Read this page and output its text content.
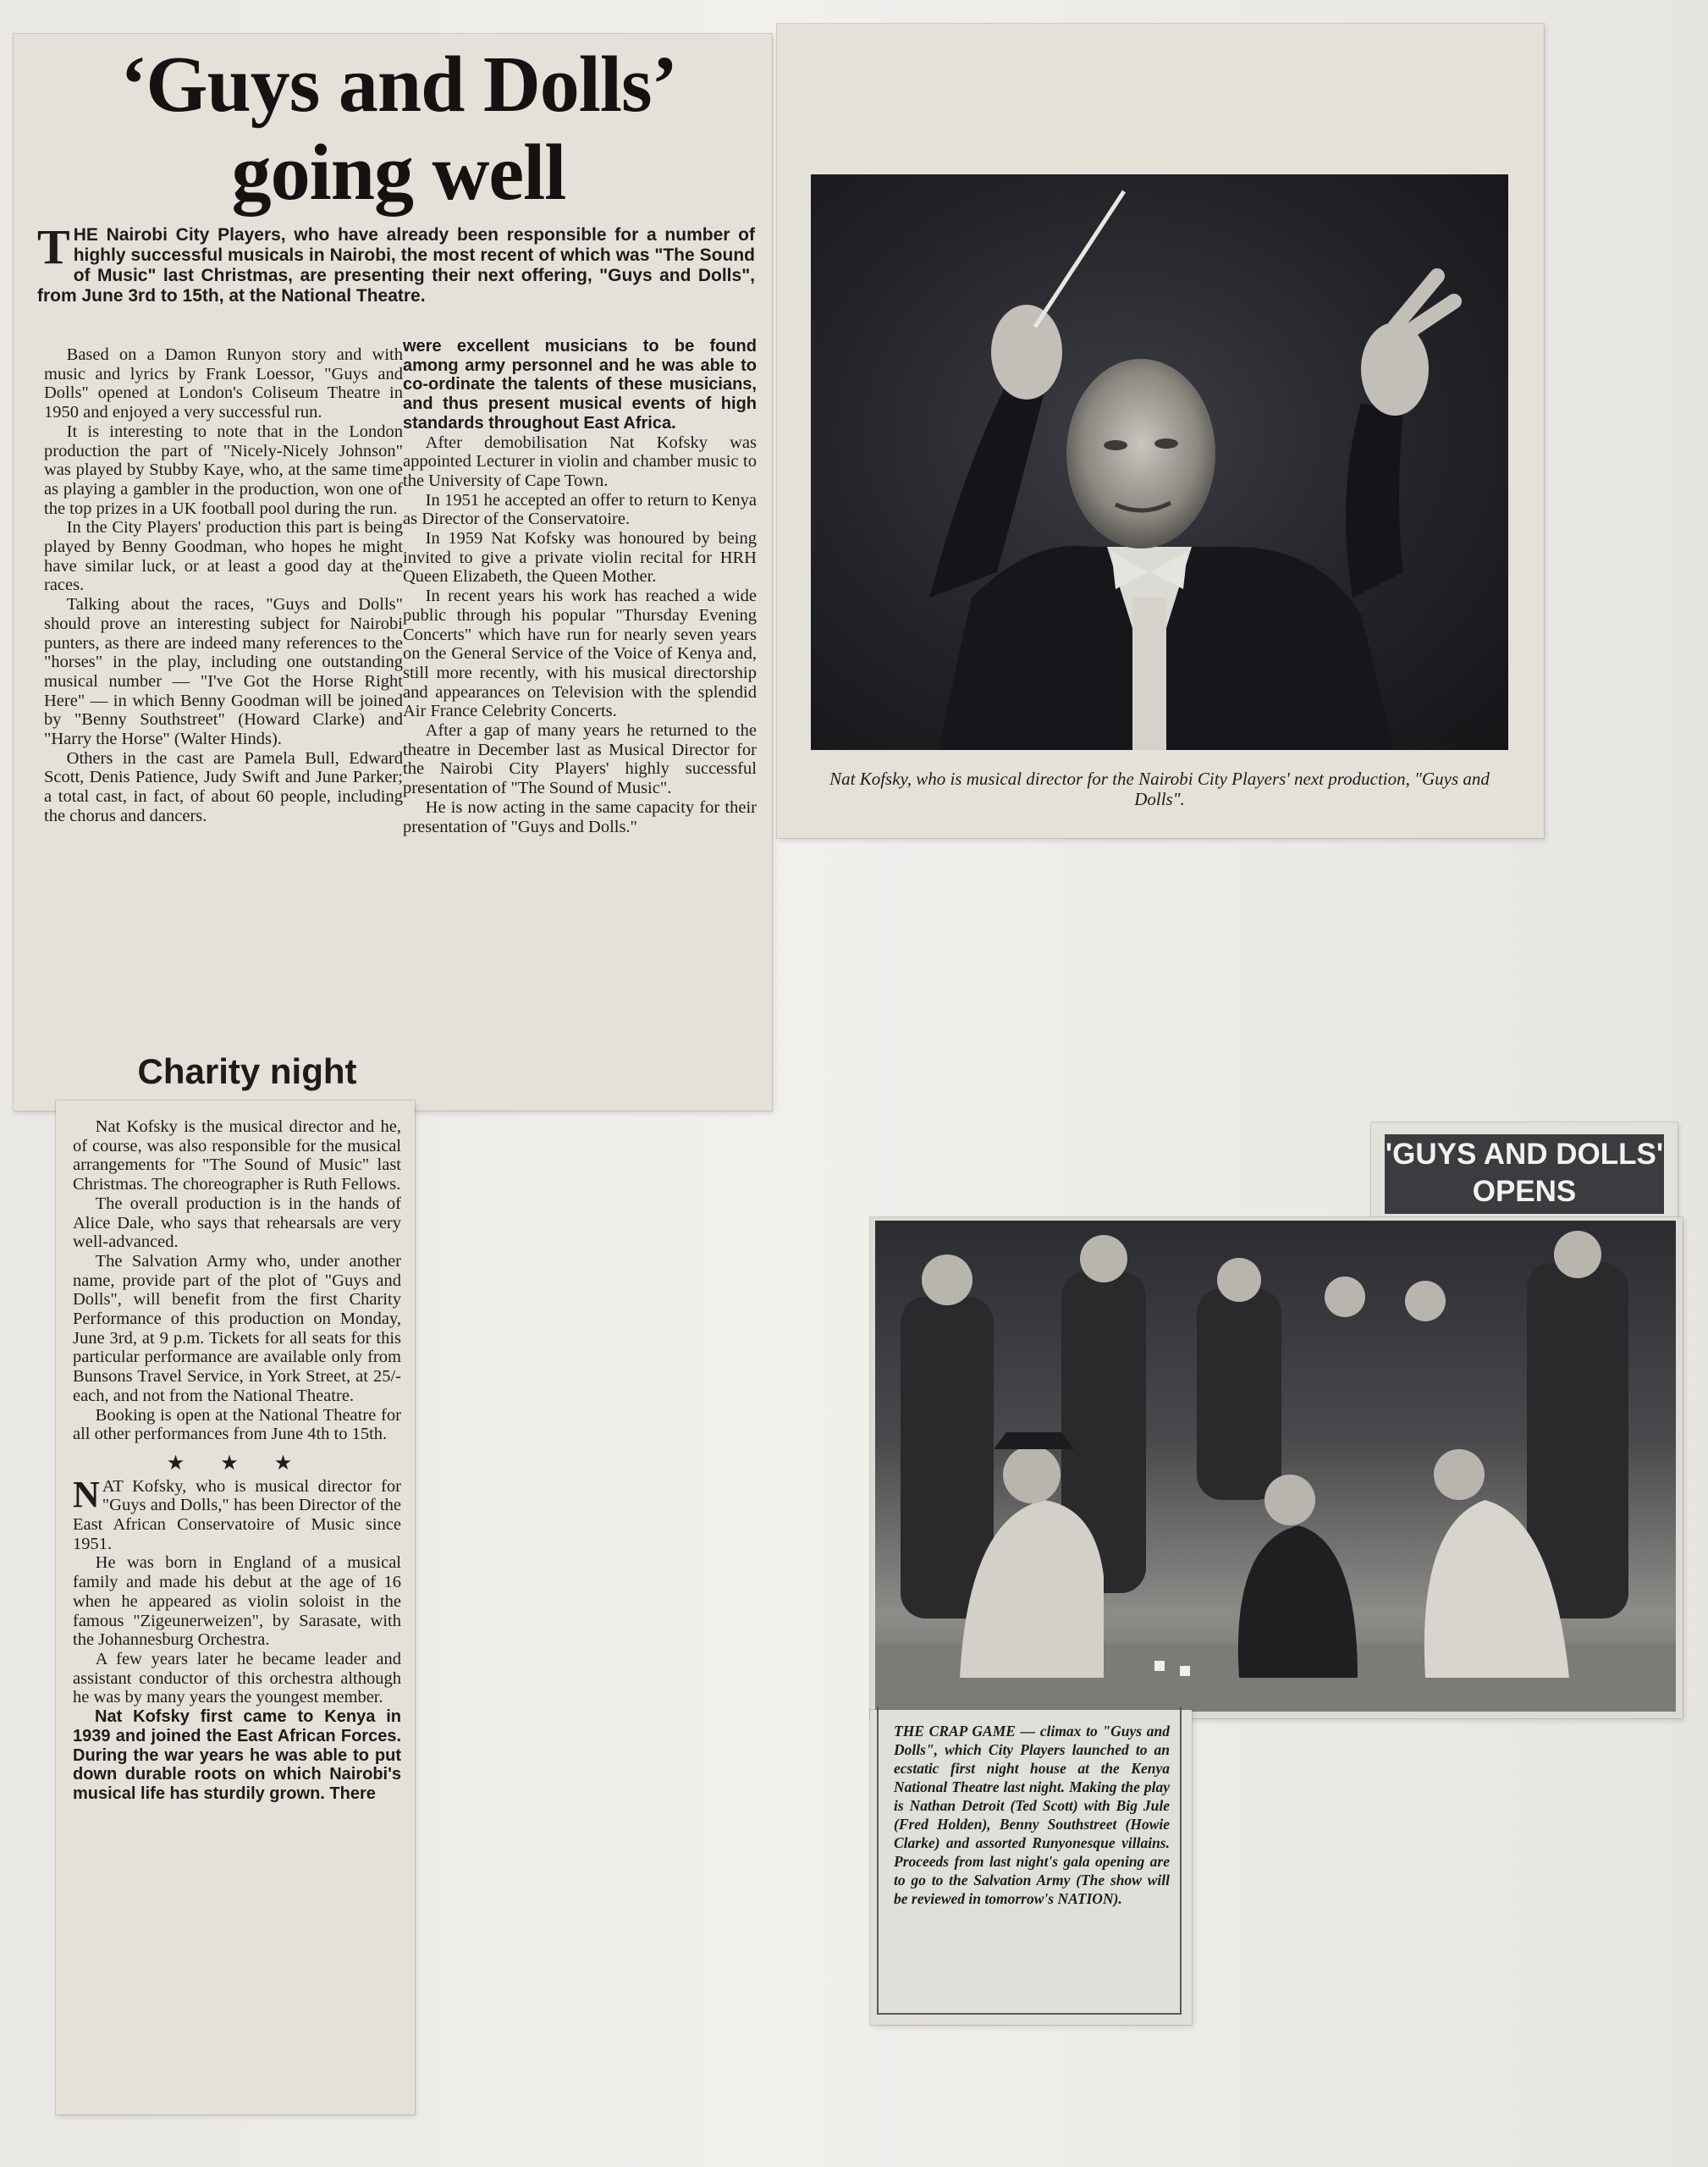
‘Guys and Dolls’
going well
THE Nairobi City Players, who have already been responsible for a number of highly successful musicals in Nairobi, the most recent of which was "The Sound of Music" last Christmas, are presenting their next offering, "Guys and Dolls", from June 3rd to 15th, at the National Theatre.

Based on a Damon Runyon story and with music and lyrics by Frank Loessor, "Guys and Dolls" opened at London's Coliseum Theatre in 1950 and enjoyed a very successful run.

It is interesting to note that in the London production the part of "Nicely-Nicely Johnson" was played by Stubby Kaye, who, at the same time as playing a gambler in the production, won one of the top prizes in a UK football pool during the run.

In the City Players' production this part is being played by Benny Goodman, who hopes he might have similar luck, or at least a good day at the races.

Talking about the races, "Guys and Dolls" should prove an interesting subject for Nairobi punters, as there are indeed many references to the "horses" in the play, including one outstanding musical number — "I've Got the Horse Right Here" — in which Benny Goodman will be joined by "Benny Southstreet" (Howard Clarke) and "Harry the Horse" (Walter Hinds).

Others in the cast are Pamela Bull, Edward Scott, Denis Patience, Judy Swift and June Parker; a total cast, in fact, of about 60 people, including the chorus and dancers.

were excellent musicians to be found among army personnel and he was able to co-ordinate the talents of these musicians, and thus present musical events of high standards throughout East Africa.

After demobilisation Nat Kofsky was appointed Lecturer in violin and chamber music to the University of Cape Town.

In 1951 he accepted an offer to return to Kenya as Director of the Conservatoire.

In 1959 Nat Kofsky was honoured by being invited to give a private violin recital for HRH Queen Elizabeth, the Queen Mother.

In recent years his work has reached a wide public through his popular "Thursday Evening Concerts" which have run for nearly seven years on the General Service of the Voice of Kenya and, still more recently, with his musical directorship and appearances on Television with the splendid Air France Celebrity Concerts.

After a gap of many years he returned to the theatre in December last as Musical Director for the Nairobi City Players' highly successful presentation of "The Sound of Music".

He is now acting in the same capacity for their presentation of "Guys and Dolls."

Charity night

Nat Kofsky is the musical director and he, of course, was also responsible for the musical arrangements for "The Sound of Music" last Christmas. The choreographer is Ruth Fellows.

The overall production is in the hands of Alice Dale, who says that rehearsals are very well-advanced.

The Salvation Army who, under another name, provide part of the plot of "Guys and Dolls", will benefit from the first Charity Performance of this production on Monday, June 3rd, at 9 p.m. Tickets for all seats for this particular performance are available only from Bunsons Travel Service, in York Street, at 25/- each, and not from the National Theatre.

Booking is open at the National Theatre for all other performances from June 4th to 15th.

★ ★ ★

NAT Kofsky, who is musical director for "Guys and Dolls," has been Director of the East African Conservatoire of Music since 1951.

He was born in England of a musical family and made his debut at the age of 16 when he appeared as violin soloist in the famous "Zigeunerweizen", by Sarasate, with the Johannesburg Orchestra.

A few years later he became leader and assistant conductor of this orchestra although he was by many years the youngest member.

Nat Kofsky first came to Kenya in 1939 and joined the East African Forces. During the war years he was able to put down durable roots on which Nairobi's musical life has sturdily grown. There

Nat Kofsky, who is musical director for the Nairobi City Players' next production, "Guys and Dolls".
'GUYS AND DOLLS' OPENS
THE CRAP GAME — climax to "Guys and Dolls", which City Players launched to an ecstatic first night house at the Kenya National Theatre last night. Making the play is Nathan Detroit (Ted Scott) with Big Jule (Fred Holden), Benny Southstreet (Howie Clarke) and assorted Runyonesque villains. Proceeds from last night's gala opening are to go to the Salvation Army (The show will be reviewed in tomorrow's NATION).
